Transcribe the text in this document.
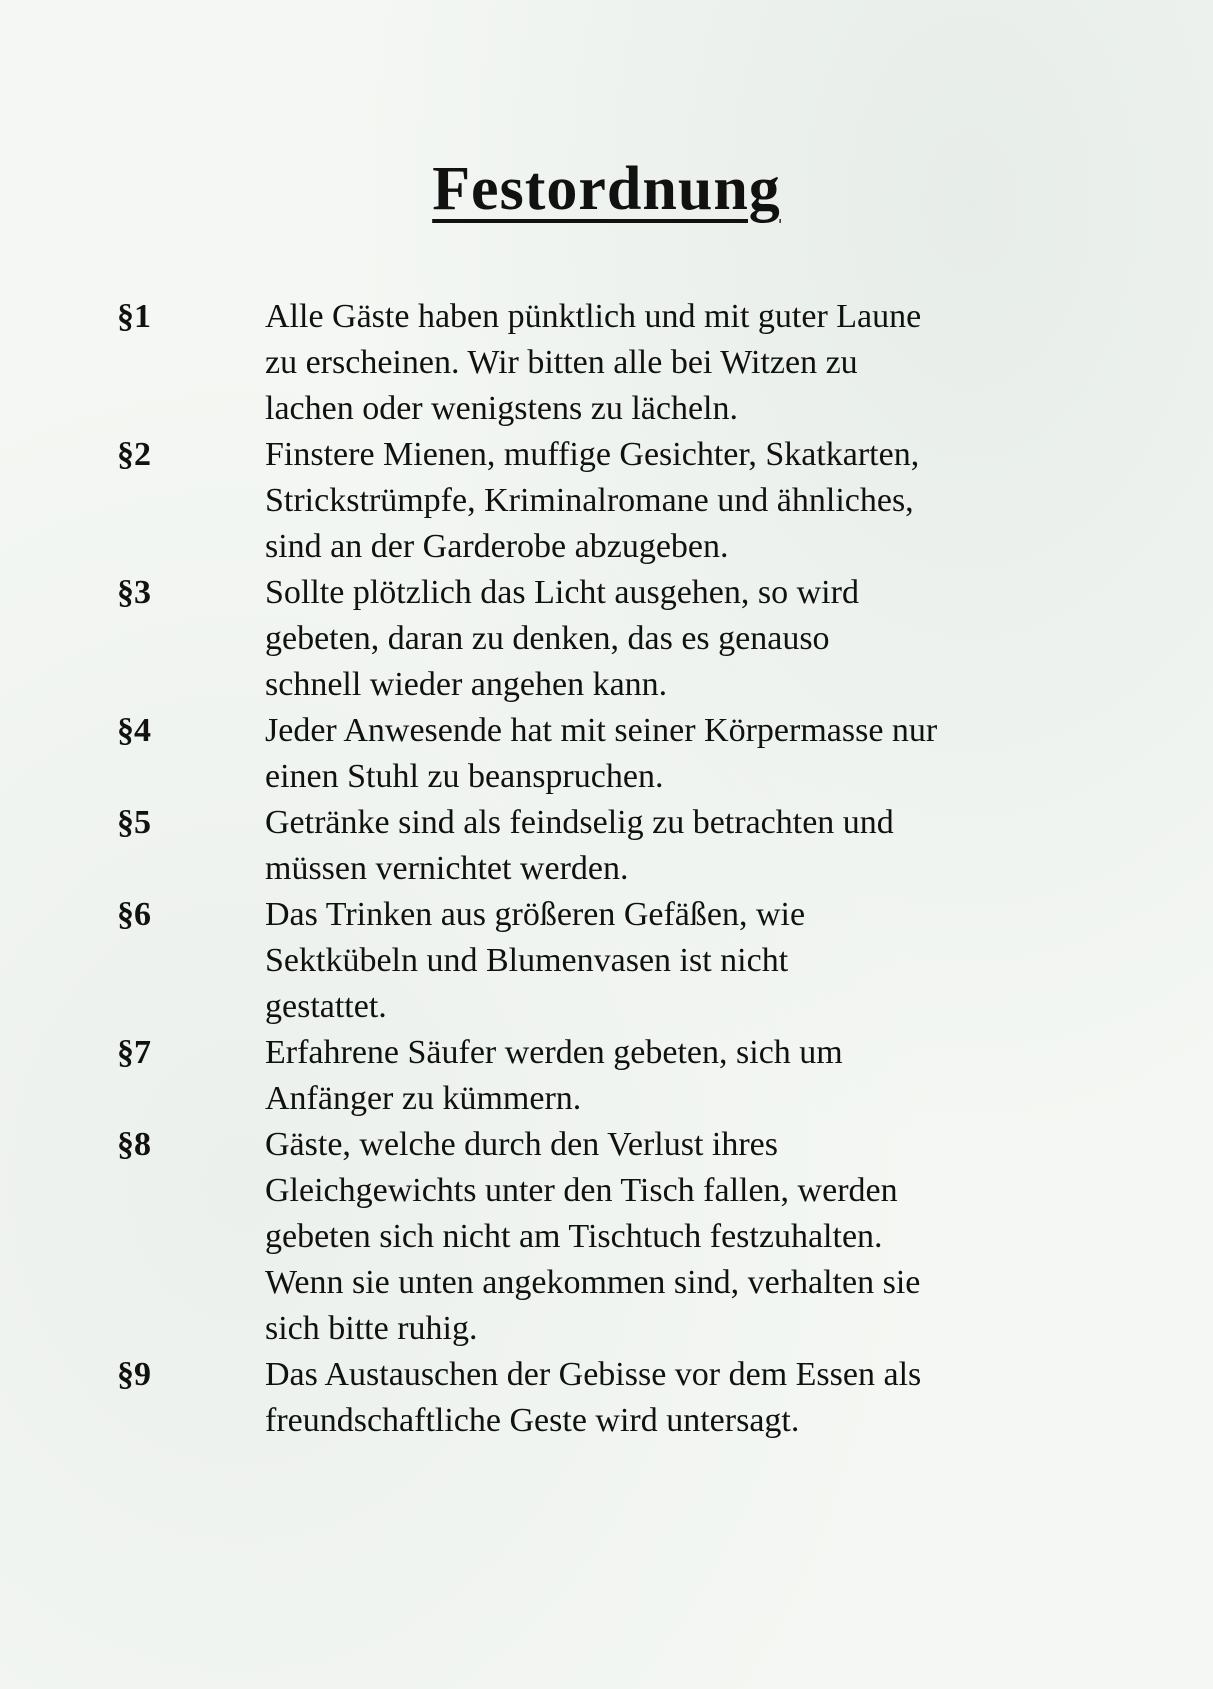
Festordnung
§1	Alle Gäste haben pünktlich und mit guter Laune
zu erscheinen. Wir bitten alle bei Witzen zu
lachen oder wenigstens zu lächeln.
§2	Finstere Mienen, muffige Gesichter, Skatkarten,
Strickstrümpfe, Kriminalromane und ähnliches,
sind an der Garderobe abzugeben.
§3	Sollte plötzlich das Licht ausgehen, so wird
gebeten, daran zu denken, das es genauso
schnell wieder angehen kann.
§4	Jeder Anwesende hat mit seiner Körpermasse nur
einen Stuhl zu beanspruchen.
§5	Getränke sind als feindselig zu betrachten und
müssen vernichtet werden.
§6	Das Trinken aus größeren Gefäßen, wie
Sektkübeln und Blumenvasen ist nicht
gestattet.
§7	Erfahrene Säufer werden gebeten, sich um
Anfänger zu kümmern.
§8	Gäste, welche durch den Verlust ihres
Gleichgewichts unter den Tisch fallen, werden
gebeten sich nicht am Tischtuch festzuhalten.
Wenn sie unten angekommen sind, verhalten sie
sich bitte ruhig.
§9	Das Austauschen der Gebisse vor dem Essen als
freundschaftliche Geste wird untersagt.
